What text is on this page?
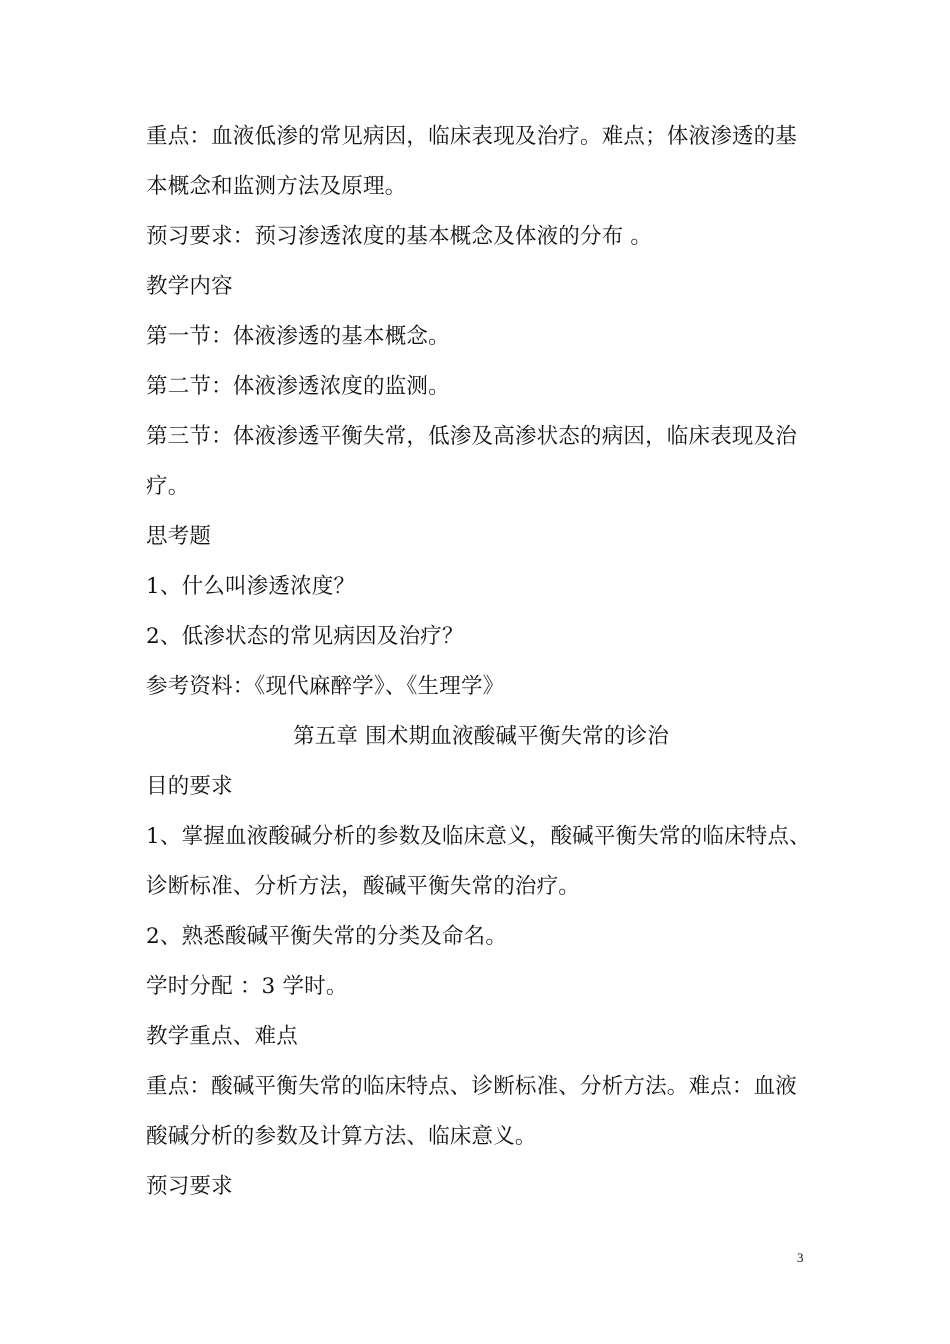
重点：血液低渗的常见病因，临床表现及治疗。难点；体液渗透的基
本概念和监测方法及原理。
预习要求：预习渗透浓度的基本概念及体液的分布 。
教学内容
第一节：体液渗透的基本概念。
第二节：体液渗透浓度的监测。
第三节：体液渗透平衡失常，低渗及高渗状态的病因，临床表现及治
疗。
思考题
1、什么叫渗透浓度？
2、低渗状态的常见病因及治疗？
参考资料：《现代麻醉学》、《生理学》
第五章 围术期血液酸碱平衡失常的诊治
目的要求
1、掌握血液酸碱分析的参数及临床意义，酸碱平衡失常的临床特点、
诊断标准、分析方法，酸碱平衡失常的治疗。
2、熟悉酸碱平衡失常的分类及命名。
学时分配 ：3 学时。
教学重点、难点
重点：酸碱平衡失常的临床特点、诊断标准、分析方法。难点：血液
酸碱分析的参数及计算方法、临床意义。
预习要求
3
